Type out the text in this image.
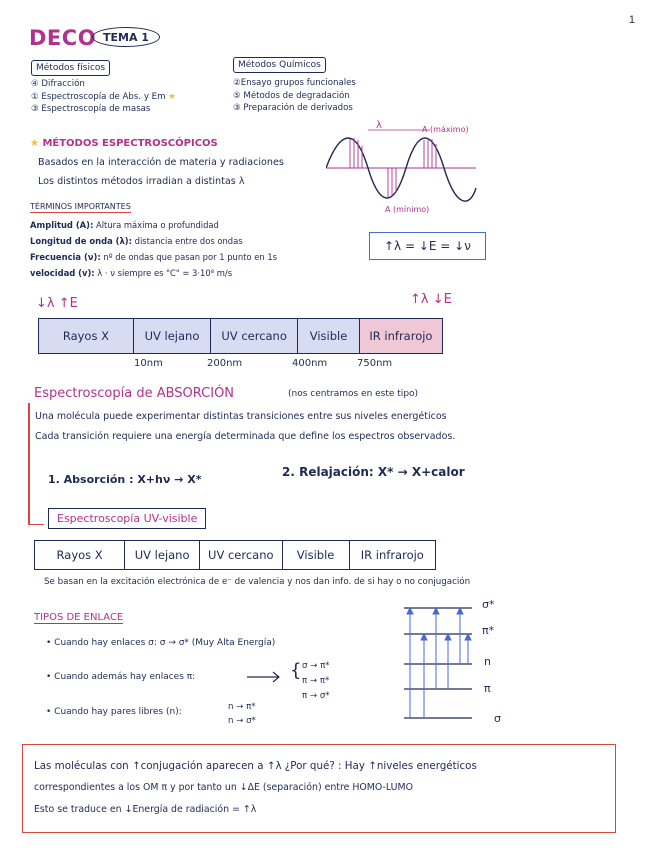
1
DECO TEMA 1
Métodos físicos
④ Difracción
① Espectroscopía de Abs. y Em ★
③ Espectroscopía de masas
Métodos Químicos
②Ensayo grupos funcionales
⑤ Métodos de degradación
③ Preparación de derivados
★ MÉTODOS ESPECTROSCÓPICOS
Basados en la interacción de materia y radiaciones
Los distintos métodos irradian a distintas λ
λ	A (máximo)
A (mínimo)
TÉRMINOS IMPORTANTES
Amplitud (A): Altura máxima o profundidad
Longitud de onda (λ): distancia entre dos ondas
Frecuencia (ν): nº de ondas que pasan por 1 punto en 1s
velocidad (v): λ · ν siempre es "C" = 3·10⁸ m/s
↑λ = ↓E = ↓ν
↓λ ↑E	↑λ ↓E
Rayos X	UV lejano	UV cercano	Visible	IR infrarojo
10nm	200nm	400nm	750nm
Espectroscopía de ABSORCIÓN	(nos centramos en este tipo)
Una molécula puede experimentar distintas transiciones entre sus niveles energéticos
Cada transición requiere una energía determinada que define los espectros observados.
1. Absorción : X+hν → X*
2. Relajación: X* → X+calor
Espectroscopía UV-visible
Rayos X	UV lejano	UV cercano	Visible	IR infrarojo
Se basan en la excitación electrónica de e⁻ de valencia y nos dan info. de si hay o no conjugación
TIPOS DE ENLACE
• Cuando hay enlaces σ: σ → σ* (Muy Alta Energía)
• Cuando además hay enlaces π:	{ σ → π*
π → π*
π → σ*
• Cuando hay pares libres (n):	n → π*
n → σ*
σ*
π*
n
π
σ
Las moléculas con ↑conjugación aparecen a ↑λ ¿Por qué? : Hay ↑niveles energéticos
correspondientes a los OM π y por tanto un ↓ΔE (separación) entre HOMO-LUMO
Esto se traduce en ↓Energía de radiación = ↑λ
